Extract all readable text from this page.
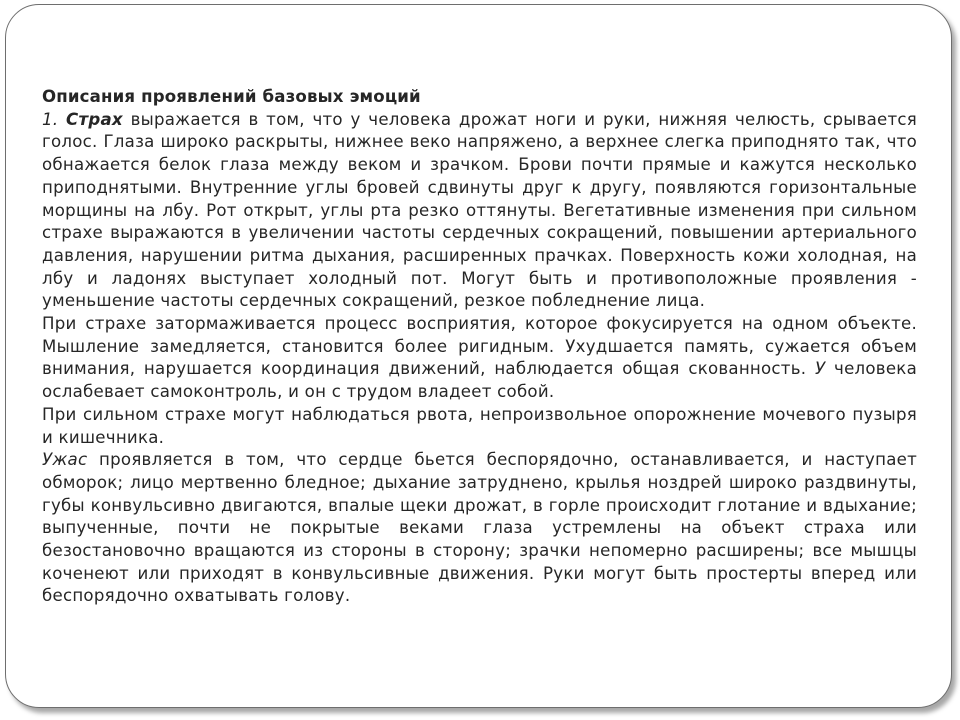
Описания проявлений базовых эмоций

1. Страх выражается в том, что у человека дрожат ноги и руки, нижняя челюсть, срывается голос. Глаза широко раскрыты, нижнее веко напряжено, а верхнее слегка приподнято так, что обнажается белок глаза между веком и зрачком. Брови почти прямые и кажутся несколько приподнятыми. Внутренние углы бровей сдвинуты друг к другу, появляются горизонтальные морщины на лбу. Рот открыт, углы рта резко оттянуты. Вегетативные изменения при сильном страхе выражаются в увеличении частоты сердечных сокращений, повышении артериального давления, нарушении ритма дыхания, расширенных прачках. Поверхность кожи холодная, на лбу и ладонях выступает холодный пот. Могут быть и противоположные проявления - уменьшение частоты сердечных сокращений, резкое побледнение лица.

При страхе затормаживается процесс восприятия, которое фокусируется на одном объекте. Мышление замедляется, становится более ригидным. Ухудшается память, сужается объем внимания, нарушается координация движений, наблюдается общая скованность. У человека ослабевает самоконтроль, и он с трудом владеет собой.

При сильном страхе могут наблюдаться рвота, непроизвольное опорожнение мочевого пузыря и кишечника.

Ужас проявляется в том, что сердце бьется беспорядочно, останавливается, и наступает обморок; лицо мертвенно бледное; дыхание затруднено, крылья ноздрей широко раздвинуты, губы конвульсивно двигаются, впалые щеки дрожат, в горле происходит глотание и вдыхание; выпученные, почти не покрытые веками глаза устремлены на объект страха или безостановочно вращаются из стороны в сторону; зрачки непомерно расширены; все мышцы коченеют или приходят в конвульсивные движения. Руки могут быть простерты вперед или беспорядочно охватывать голову.
